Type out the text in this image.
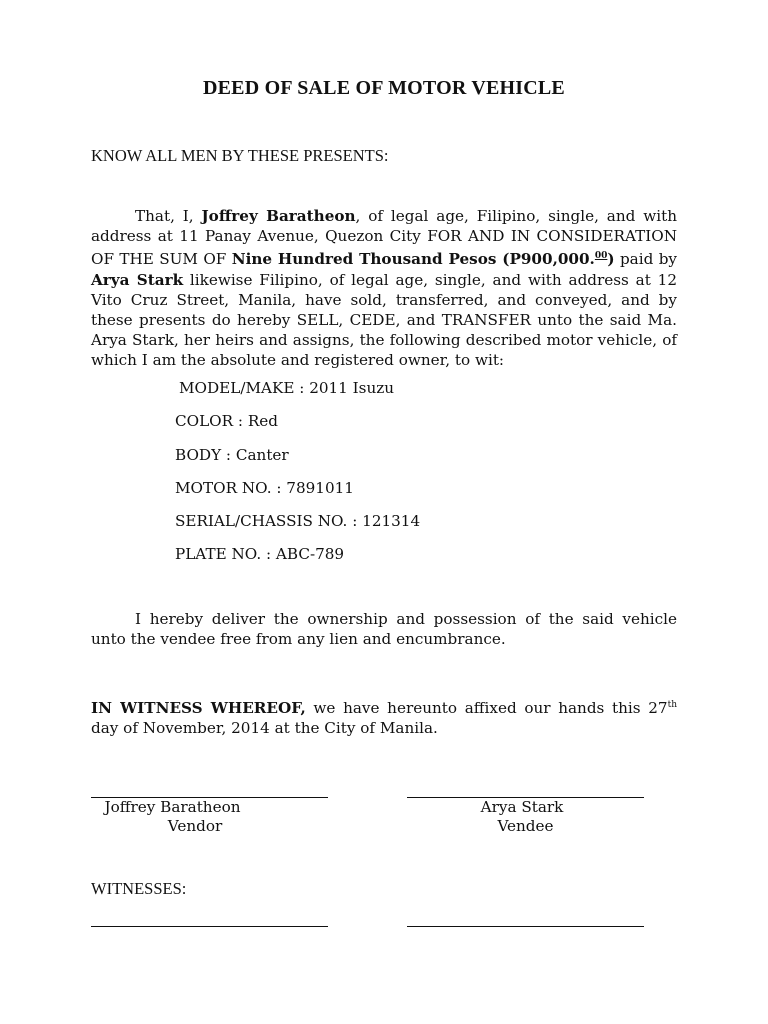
DEED OF SALE OF MOTOR VEHICLE
KNOW ALL MEN BY THESE PRESENTS:
That, I, Joffrey Baratheon, of legal age, Filipino, single, and with address at 11 Panay Avenue, Quezon City FOR AND IN CONSIDERATION OF THE SUM OF Nine Hundred Thousand Pesos (P900,000.00) paid by Arya Stark likewise Filipino, of legal age, single, and with address at 12 Vito Cruz Street, Manila, have sold, transferred, and conveyed, and by these presents do hereby SELL, CEDE, and TRANSFER unto the said Ma. Arya Stark, her heirs and assigns, the following described motor vehicle, of which I am the absolute and registered owner, to wit:
MODEL/MAKE : 2011 Isuzu
COLOR : Red
BODY : Canter
MOTOR NO. : 7891011
SERIAL/CHASSIS NO. : 121314
PLATE NO. : ABC-789
I hereby deliver the ownership and possession of the said vehicle unto the vendee free from any lien and encumbrance.
IN WITNESS WHEREOF, we have hereunto affixed our hands this 27th day of November, 2014 at the City of Manila.
Joffrey Baratheon
Vendor
Arya Stark
Vendee
WITNESSES:
